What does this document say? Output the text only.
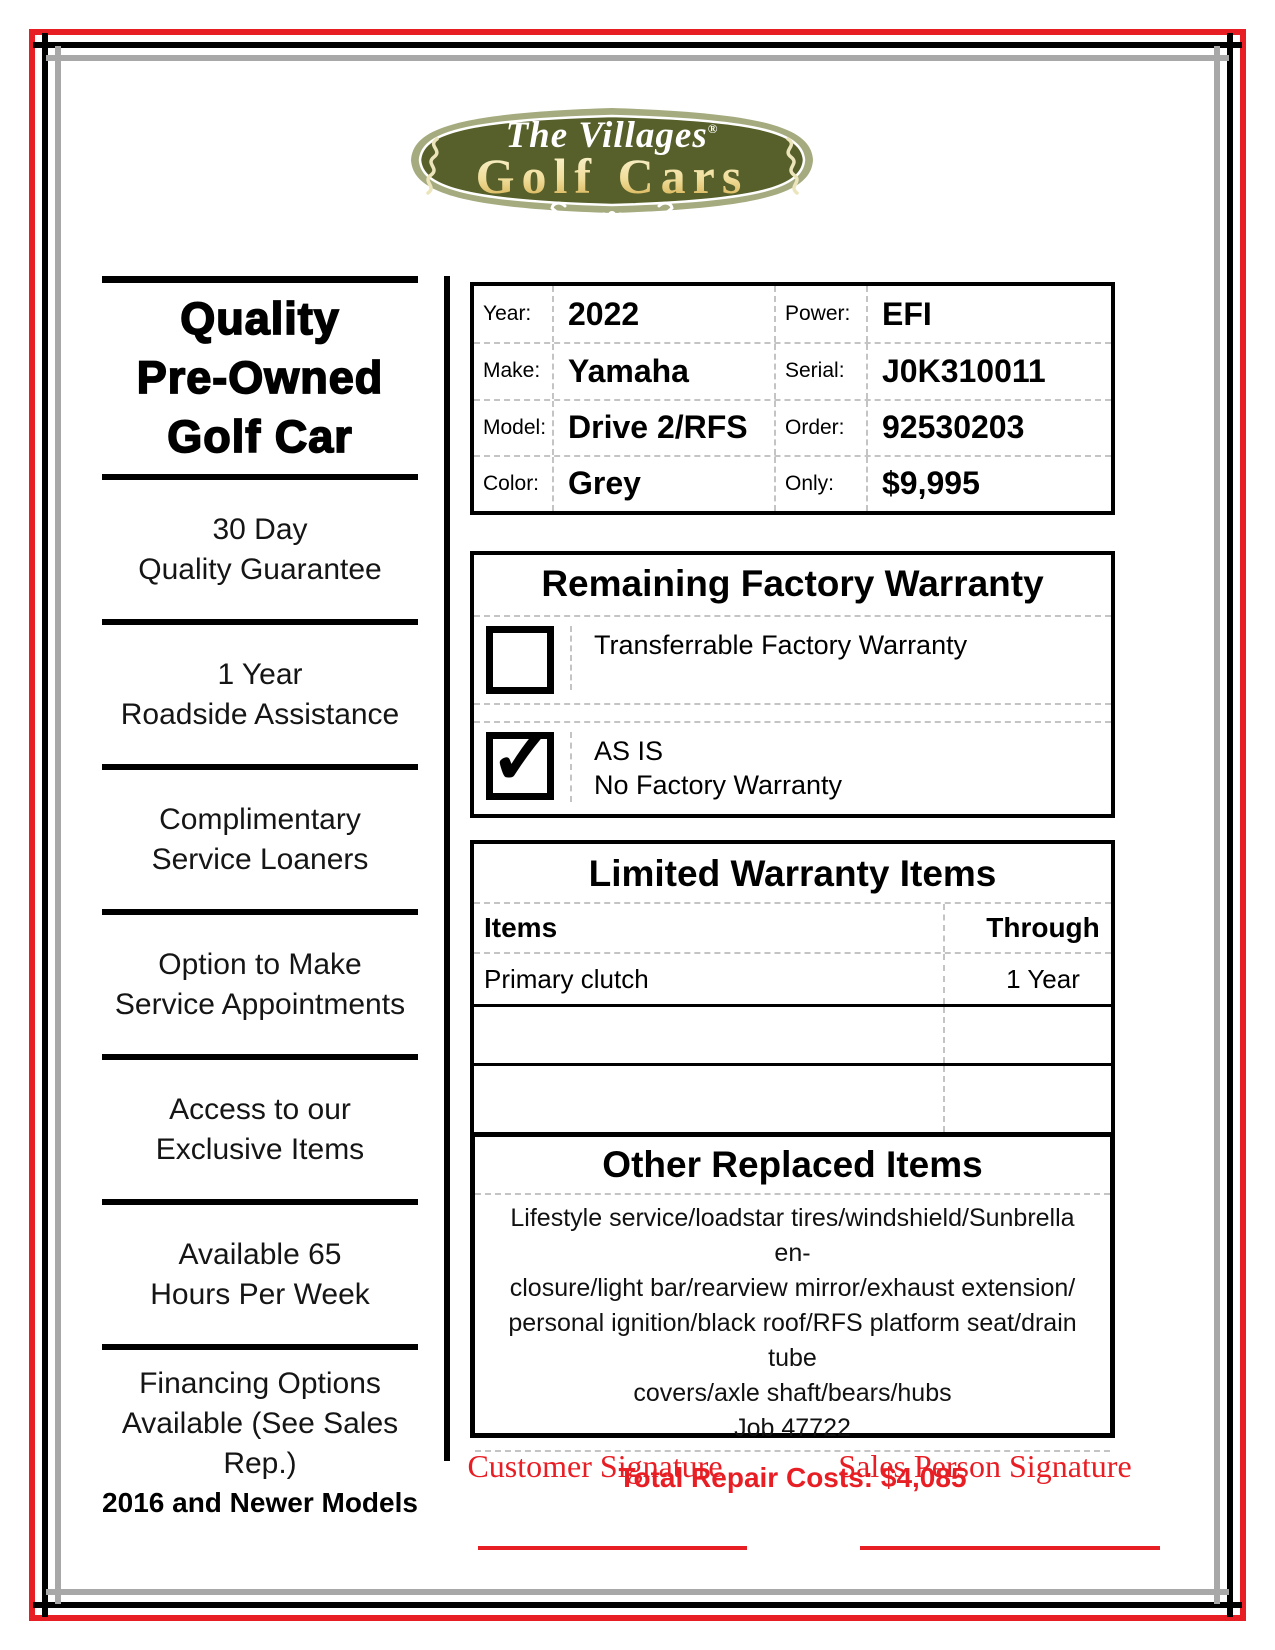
The Villages®
Golf Cars
Quality
Pre-Owned
Golf Car
30 Day
Quality Guarantee
1 Year
Roadside Assistance
Complimentary
Service Loaners
Option to Make
Service Appointments
Access to our
Exclusive Items
Available 65
Hours Per Week
Financing Options
Available (See Sales Rep.)
2016 and Newer Models
Year:	2022	Power: EFI
Make: Yamaha	Serial:	J0K310011
Model: Drive 2/RFS	Order:	92530203
Color: Grey	Only:	$9,995
Remaining Factory Warranty
Transferrable Factory Warranty
✓ AS IS
No Factory Warranty
Limited Warranty Items
Items	Through
Primary clutch	1 Year
Other Replaced Items
Lifestyle service/loadstar tires/windshield/Sunbrella en-
closure/light bar/rearview mirror/exhaust extension/
personal ignition/black roof/RFS platform seat/drain tube
covers/axle shaft/bears/hubs
Job 47722
Total Repair Costs: $4,085
Customer Signature	Sales Person Signature
